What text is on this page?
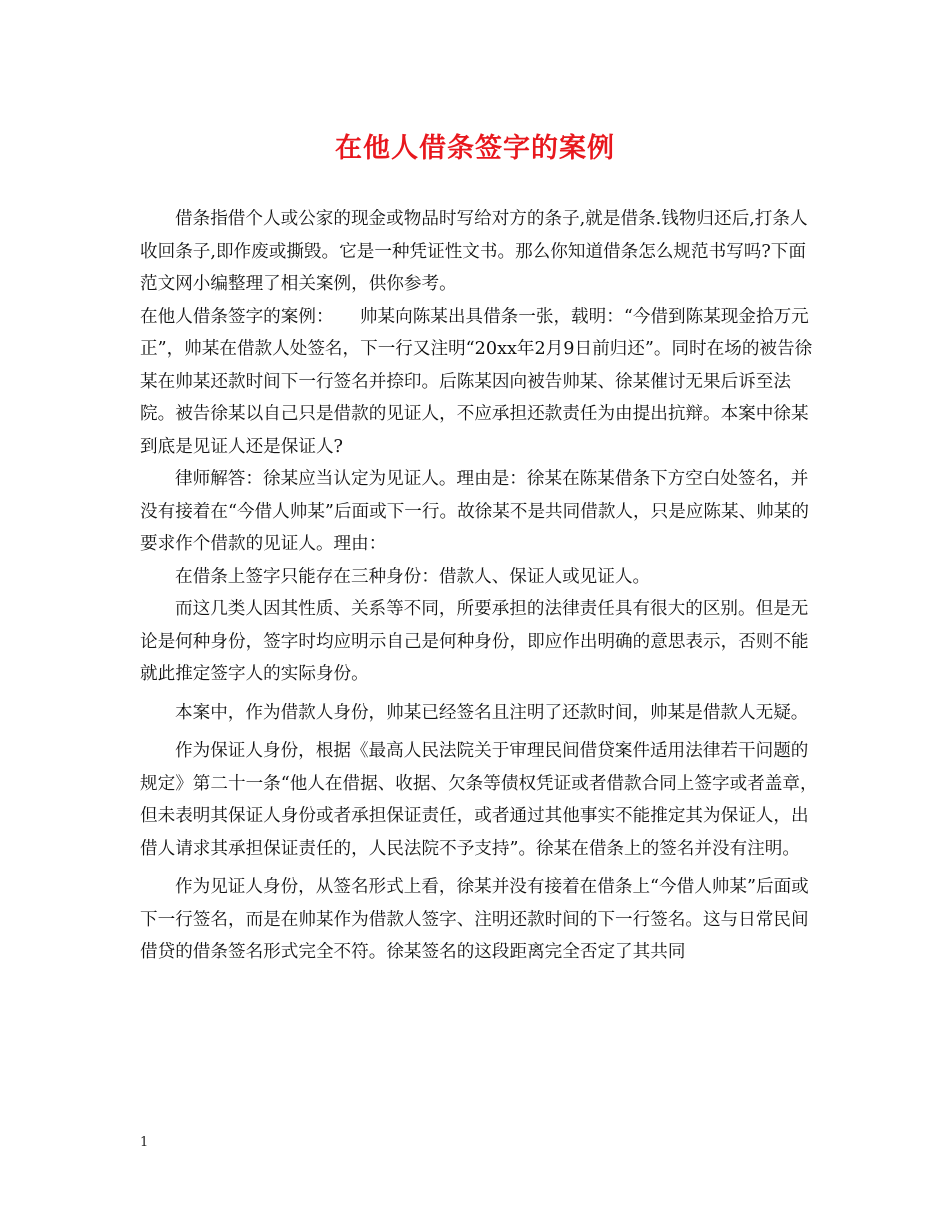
在他人借条签字的案例

借条指借个人或公家的现金或物品时写给对方的条子,就是借条.钱物归还后,打条人收回条子,即作废或撕毁。它是一种凭证性文书。那么你知道借条怎么规范书写吗?下面范文网小编整理了相关案例，供你参考。

在他人借条签字的案例：　　帅某向陈某出具借条一张，载明：“今借到陈某现金拾万元正”，帅某在借款人处签名，下一行又注明“20xx年2月9日前归还”。同时在场的被告徐某在帅某还款时间下一行签名并捺印。后陈某因向被告帅某、徐某催讨无果后诉至法院。被告徐某以自己只是借款的见证人，不应承担还款责任为由提出抗辩。本案中徐某到底是见证人还是保证人?

律师解答：徐某应当认定为见证人。理由是：徐某在陈某借条下方空白处签名，并没有接着在“今借人帅某”后面或下一行。故徐某不是共同借款人，只是应陈某、帅某的要求作个借款的见证人。理由：

在借条上签字只能存在三种身份：借款人、保证人或见证人。

而这几类人因其性质、关系等不同，所要承担的法律责任具有很大的区别。但是无论是何种身份，签字时均应明示自己是何种身份，即应作出明确的意思表示，否则不能就此推定签字人的实际身份。

本案中，作为借款人身份，帅某已经签名且注明了还款时间，帅某是借款人无疑。

作为保证人身份，根据《最高人民法院关于审理民间借贷案件适用法律若干问题的规定》第二十一条“他人在借据、收据、欠条等债权凭证或者借款合同上签字或者盖章，但未表明其保证人身份或者承担保证责任，或者通过其他事实不能推定其为保证人，出借人请求其承担保证责任的，人民法院不予支持”。徐某在借条上的签名并没有注明。

作为见证人身份，从签名形式上看，徐某并没有接着在借条上“今借人帅某”后面或下一行签名，而是在帅某作为借款人签字、注明还款时间的下一行签名。这与日常民间借贷的借条签名形式完全不符。徐某签名的这段距离完全否定了其共同

1
